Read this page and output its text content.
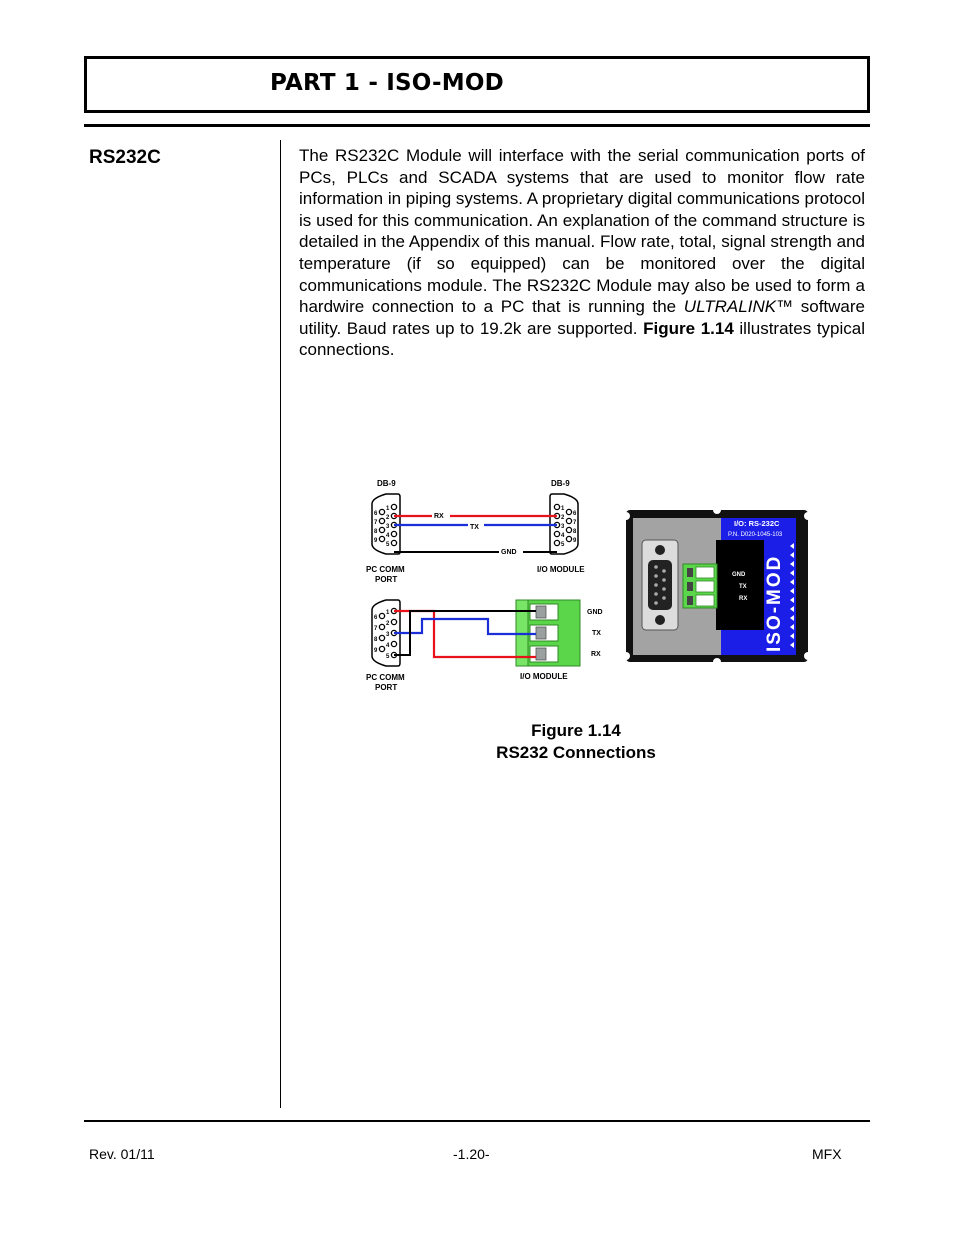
PART 1 - ISO-MOD
RS232C	The RS232C Module will interface with the serial communication ports of PCs, PLCs and SCADA systems that are used to monitor flow rate information in piping systems. A proprietary digital communications protocol is used for this communication. An explanation of the command structure is detailed in the Appendix of this manual. Flow rate, total, signal strength and temperature (if so equipped) can be monitored over the digital communications module. The RS232C Module may also be used to form a hardwire connection to a PC that is running the ULTRALINK™ software utility. Baud rates up to 19.2k are supported. Figure 1.14 illustrates typical connections.

DB-9
1
2
3
4
5
6
7
8
9
PC COMM
PORT
DB-9
1
2
3
4
5
6
7
8
9
I/O MODULE
RX
TX
GND
1
2
3
4
5
6
7
8
9
PC COMM
PORT
GND
TX
RX
I/O MODULE
GND
TX
RX
I/O: RS-232C
P.N. D020-1045-103
ISO-MOD
Figure 1.14
RS232 Connections
Rev. 01/11	-1.20-	MFX
